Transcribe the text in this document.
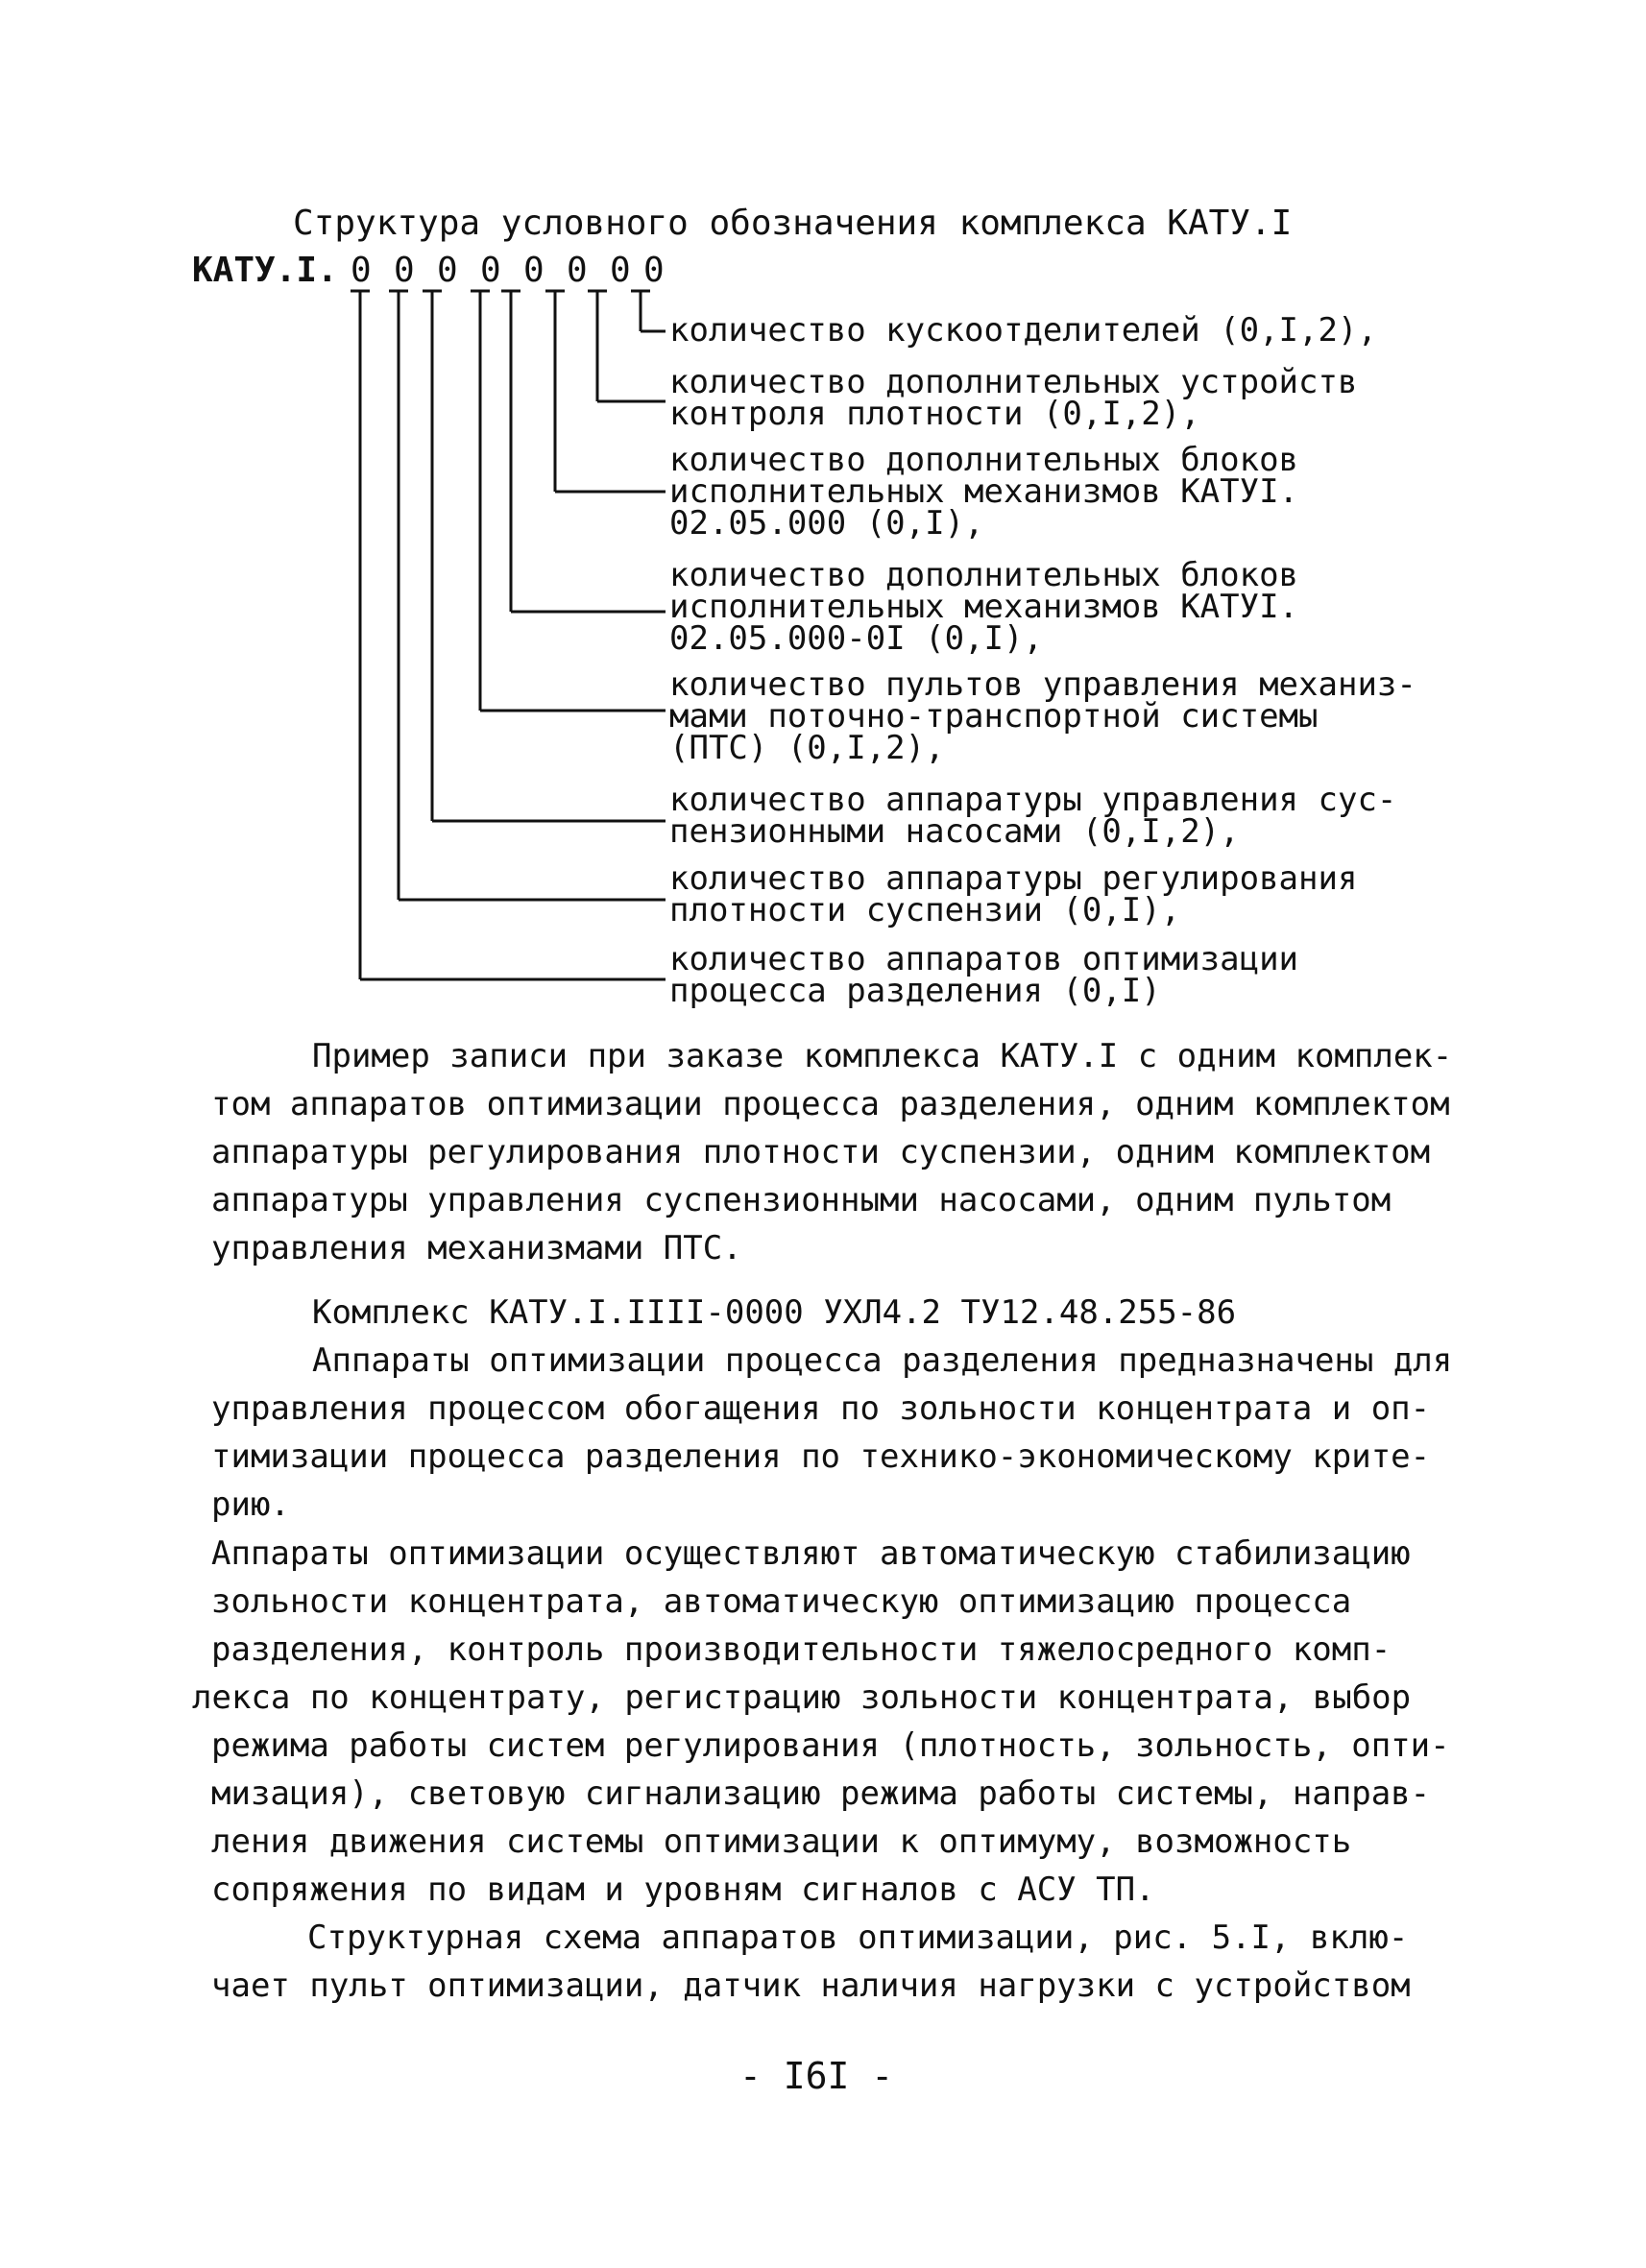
Структура условного обозначения комплекса КАТУ.I
КАТУ.I. 0 0 0 0 0 0 0 0
количество кускоотделителей (0,I,2),
количество дополнительных устройств
контроля плотности (0,I,2),
количество дополнительных блоков
исполнительных механизмов КАТУI.
02.05.000 (0,I),
количество дополнительных блоков
исполнительных механизмов КАТУI.
02.05.000-0I (0,I),
количество пультов управления механиз-
мами поточно-транспортной системы
(ПТС) (0,I,2),
количество аппаратуры управления сус-
пензионными насосами (0,I,2),
количество аппаратуры регулирования
плотности суспензии (0,I),
количество аппаратов оптимизации
процесса разделения (0,I)
Пример записи при заказе комплекса КАТУ.I с одним комплек-
том аппаратов оптимизации процесса разделения, одним комплектом
аппаратуры регулирования плотности суспензии, одним комплектом
аппаратуры управления суспензионными насосами, одним пультом
управления механизмами ПТС.
Комплекс КАТУ.I.IIII-0000 УХЛ4.2 ТУ12.48.255-86
Аппараты оптимизации процесса разделения предназначены для
управления процессом обогащения по зольности концентрата и оп-
тимизации процесса разделения по технико-экономическому крите-
рию.
Аппараты оптимизации осуществляют автоматическую стабилизацию
зольности концентрата, автоматическую оптимизацию процесса
разделения, контроль производительности тяжелосредного комп-
лекса по концентрату, регистрацию зольности концентрата, выбор
режима работы систем регулирования (плотность, зольность, опти-
мизация), световую сигнализацию режима работы системы, направ-
ления движения системы оптимизации к оптимуму, возможность
сопряжения по видам и уровням сигналов с АСУ ТП.
Структурная схема аппаратов оптимизации, рис. 5.I, вклю-
чает пульт оптимизации, датчик наличия нагрузки с устройством
- I6I -
